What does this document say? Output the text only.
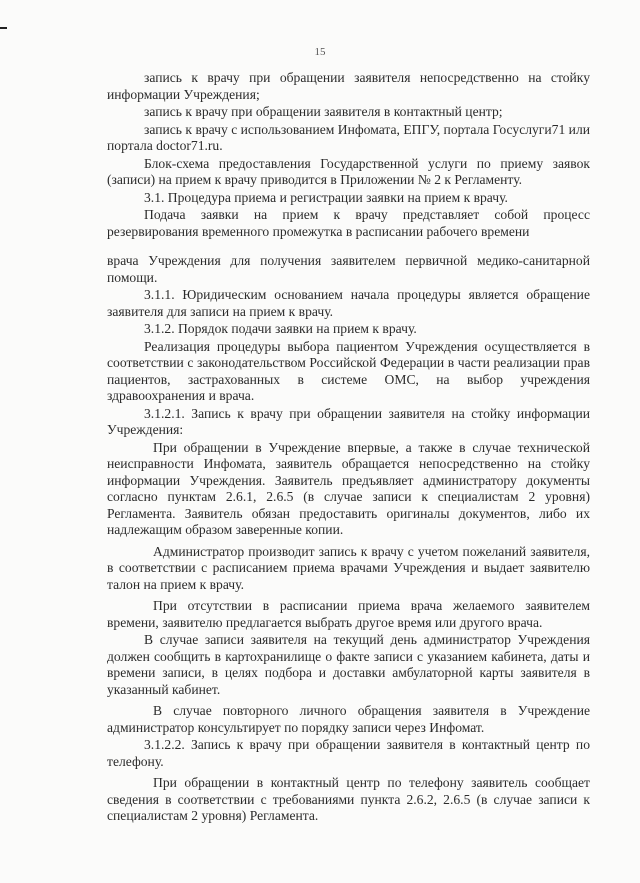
15

запись к врачу при обращении заявителя непосредственно на стойку информации Учреждения;

запись к врачу при обращении заявителя в контактный центр;

запись к врачу с использованием Инфомата, ЕПГУ, портала Госуслуги71 или портала doctor71.ru.

Блок-схема предоставления Государственной услуги по приему заявок (записи) на прием к врачу приводится в Приложении № 2 к Регламенту.

3.1. Процедура приема и регистрации заявки на прием к врачу.

Подача заявки на прием к врачу представляет собой процесс резервирования временного промежутка в расписании рабочего времени

врача Учреждения для получения заявителем первичной медико-санитарной помощи.

3.1.1. Юридическим основанием начала процедуры является обращение заявителя для записи на прием к врачу.

3.1.2. Порядок подачи заявки на прием к врачу.

Реализация процедуры выбора пациентом Учреждения осуществляется в соответствии с законодательством Российской Федерации в части реализации прав пациентов, застрахованных в системе ОМС, на выбор учреждения здравоохранения и врача.

3.1.2.1. Запись к врачу при обращении заявителя на стойку информации Учреждения:

При обращении в Учреждение впервые, а также в случае технической неисправности Инфомата, заявитель обращается непосредственно на стойку информации Учреждения. Заявитель предъявляет администратору документы согласно пунктам 2.6.1, 2.6.5 (в случае записи к специалистам 2 уровня) Регламента. Заявитель обязан предоставить оригиналы документов, либо их надлежащим образом заверенные копии.

Администратор производит запись к врачу с учетом пожеланий заявителя, в соответствии с расписанием приема врачами Учреждения и выдает заявителю талон на прием к врачу.

При отсутствии в расписании приема врача желаемого заявителем времени, заявителю предлагается выбрать другое время или другого врача.

В случае записи заявителя на текущий день администратор Учреждения должен сообщить в картохранилище о факте записи с указанием кабинета, даты и времени записи, в целях подбора и доставки амбулаторной карты заявителя в указанный кабинет.

В случае повторного личного обращения заявителя в Учреждение администратор консультирует по порядку записи через Инфомат.

3.1.2.2. Запись к врачу при обращении заявителя в контактный центр по телефону.

При обращении в контактный центр по телефону заявитель сообщает сведения в соответствии с требованиями пункта 2.6.2, 2.6.5 (в случае записи к специалистам 2 уровня) Регламента.
